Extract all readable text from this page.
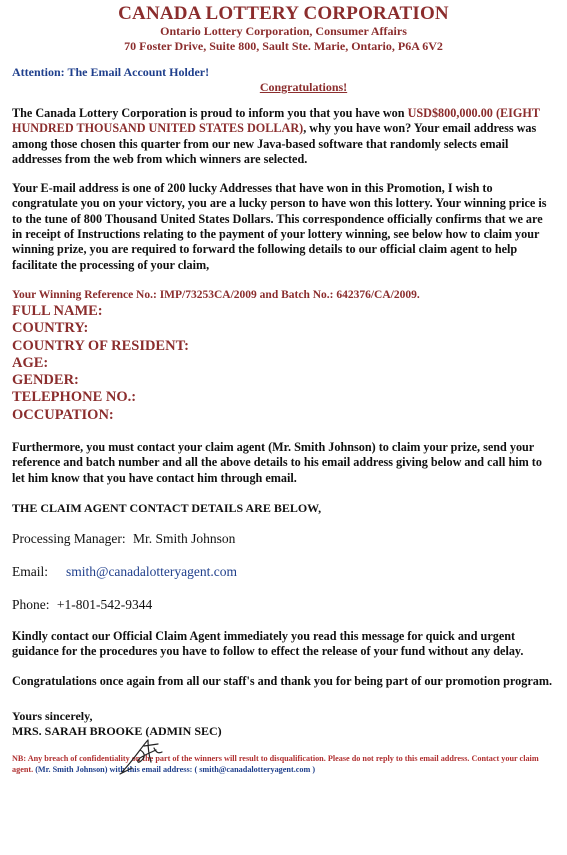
CANADA LOTTERY CORPORATION
Ontario Lottery Corporation, Consumer Affairs
70 Foster Drive, Suite 800, Sault Ste. Marie, Ontario, P6A 6V2
Attention: The Email Account Holder!
Congratulations!

The Canada Lottery Corporation is proud to inform you that you have won USD$800,000.00 (EIGHT HUNDRED THOUSAND UNITED STATES DOLLAR), why you have won? Your email address was among those chosen this quarter from our new Java-based software that randomly selects email addresses from the web from which winners are selected.

Your E-mail address is one of 200 lucky Addresses that have won in this Promotion, I wish to congratulate you on your victory, you are a lucky person to have won this lottery. Your winning price is to the tune of 800 Thousand United States Dollars. This correspondence officially confirms that we are in receipt of Instructions relating to the payment of your lottery winning, see below how to claim your winning prize, you are required to forward the following details to our official claim agent to help facilitate the processing of your claim,

Your Winning Reference No.: IMP/73253CA/2009 and Batch No.: 642376/CA/2009.
FULL NAME:
COUNTRY:
COUNTRY OF RESIDENT:
AGE:
GENDER:
TELEPHONE NO.:
OCCUPATION:

Furthermore, you must contact your claim agent (Mr. Smith Johnson) to claim your prize, send your reference and batch number and all the above details to his email address giving below and call him to let him know that you have contact him through email.

THE CLAIM AGENT CONTACT DETAILS ARE BELOW,
Processing Manager: Mr. Smith Johnson
Email: smith@canadalotteryagent.com
Phone: +1-801-542-9344

Kindly contact our Official Claim Agent immediately you read this message for quick and urgent guidance for the procedures you have to follow to effect the release of your fund without any delay.

Congratulations once again from all our staff's and thank you for being part of our promotion program.

Yours sincerely,
MRS. SARAH BROOKE (ADMIN SEC)
NB: Any breach of confidentiality on the part of the winners will result to disqualification. Please do not reply to this email address. Contact your claim agent. (Mr. Smith Johnson) with this email address: ( smith@canadalotteryagent.com )
